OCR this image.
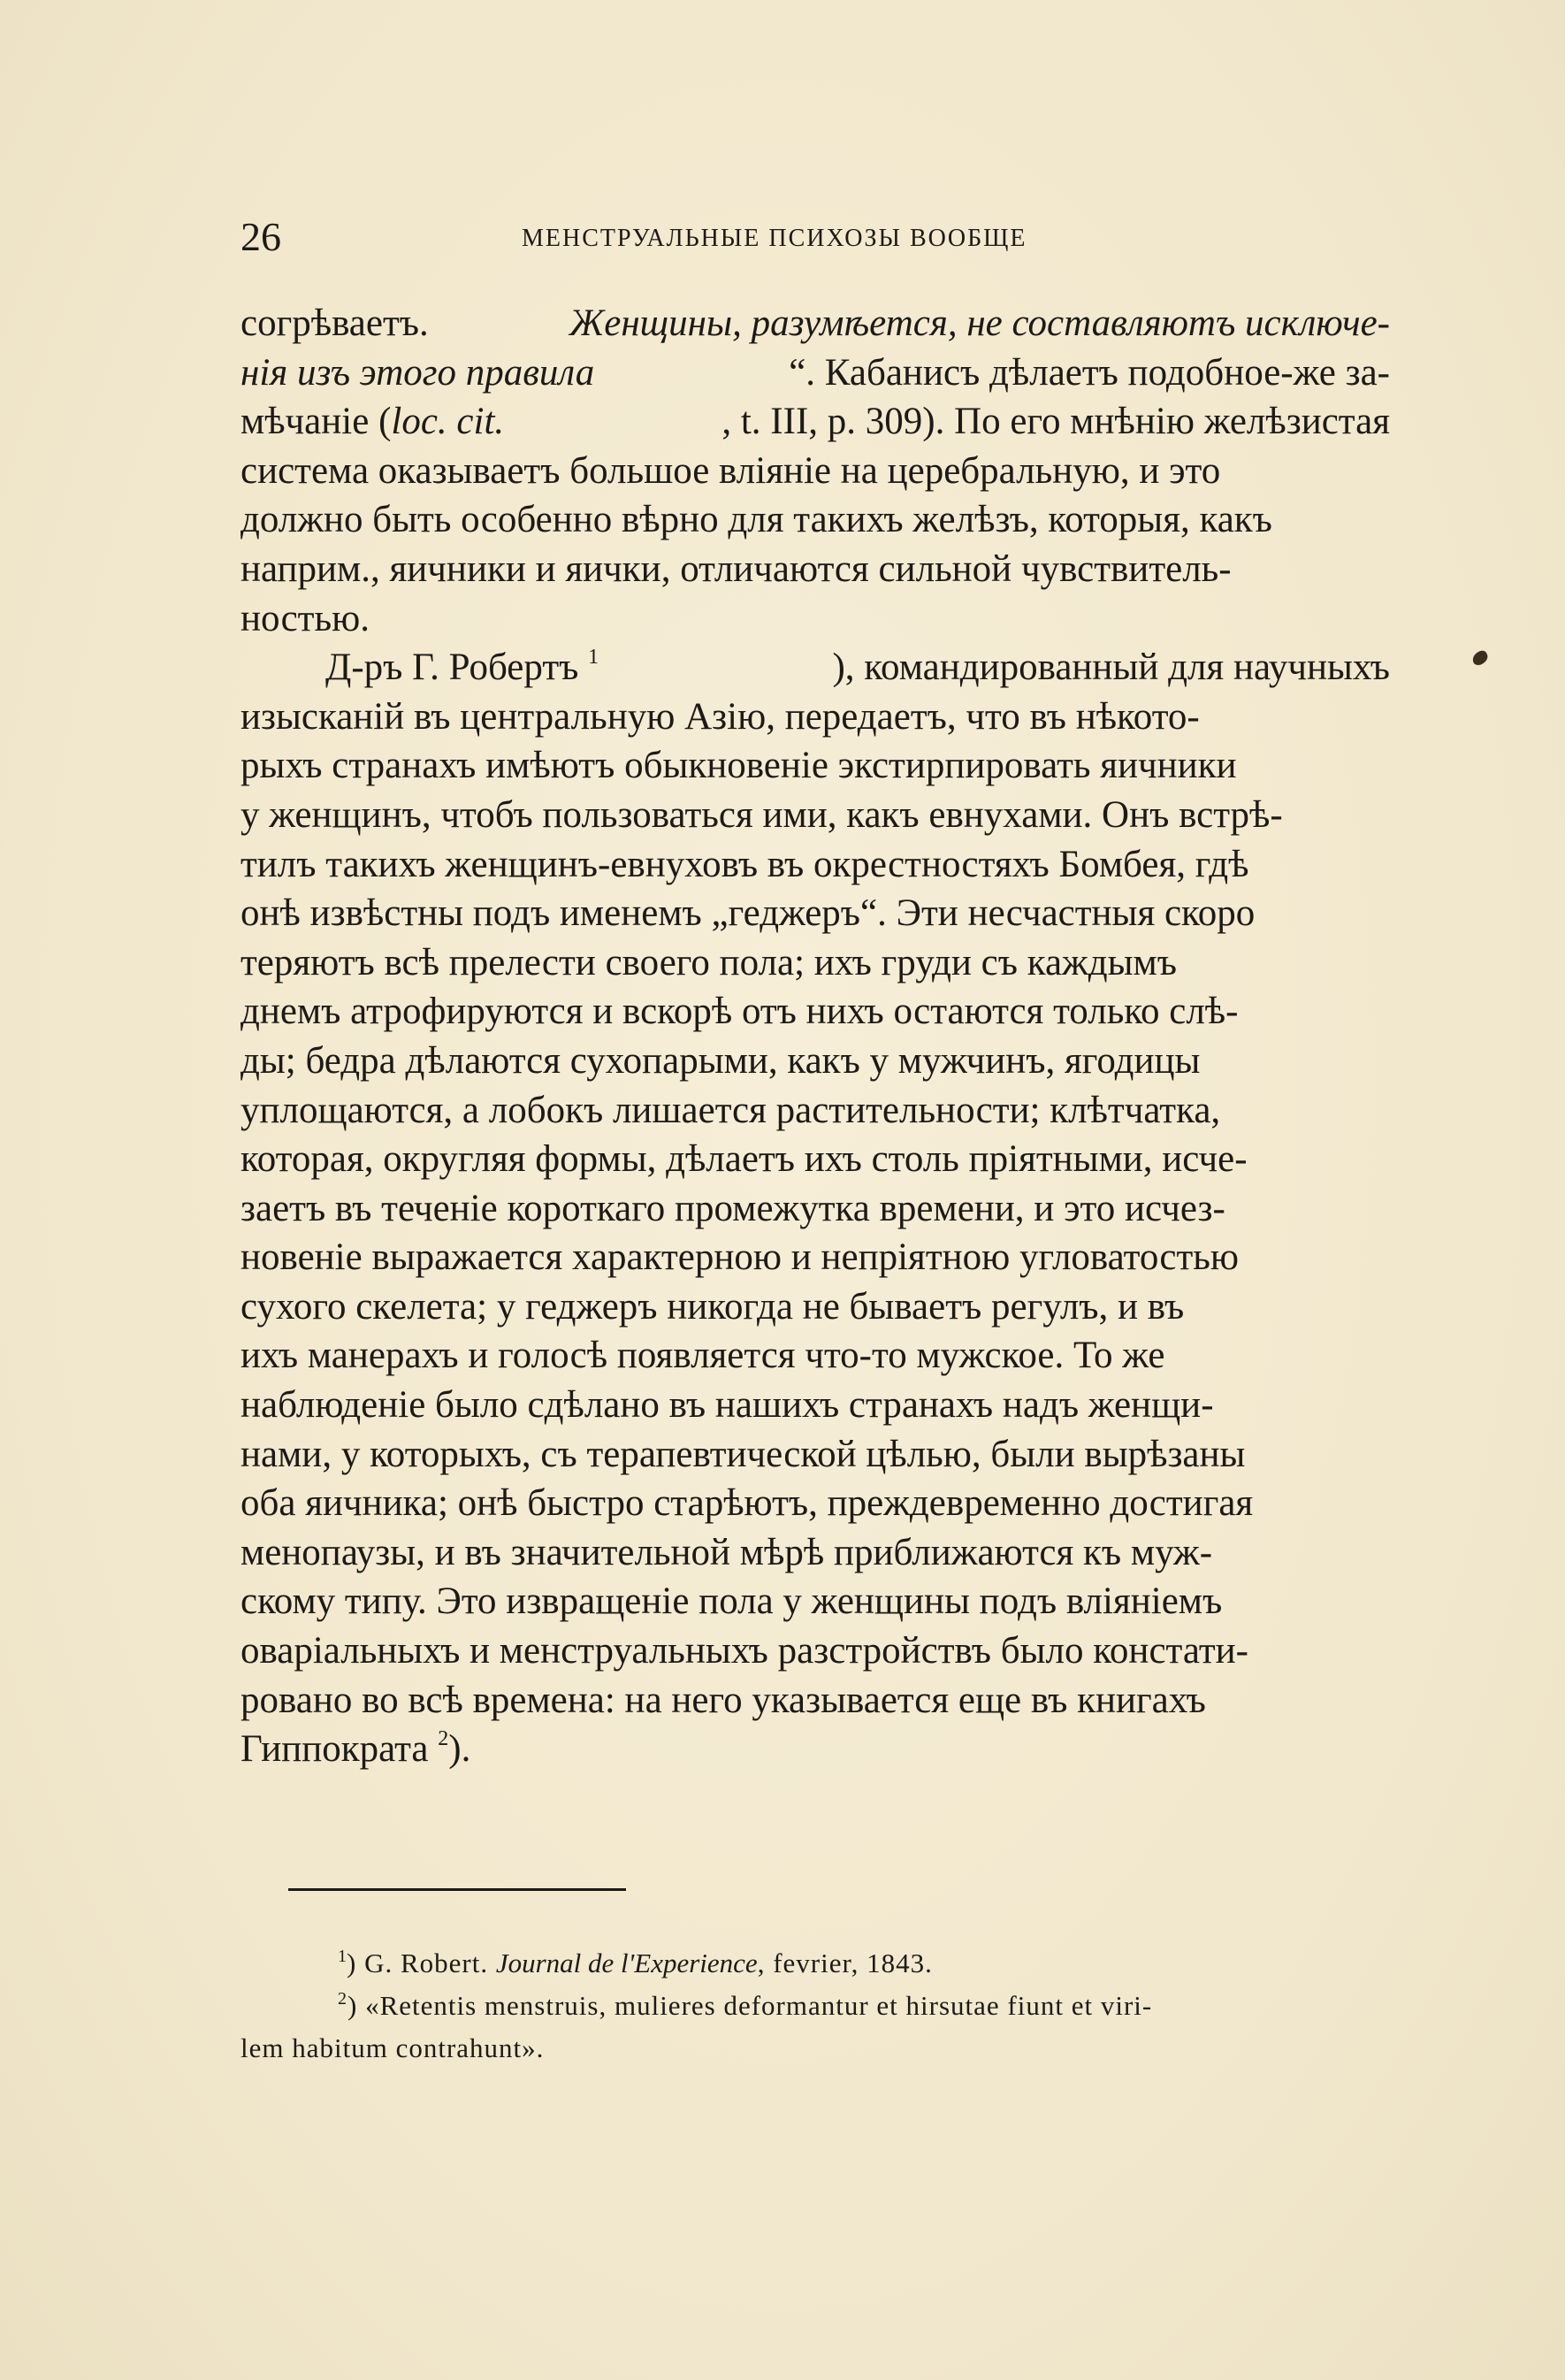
26	МЕНСТРУАЛЬНЫЕ ПСИХОЗЫ ВООБЩЕ
согрѣваетъ.	Женщины, разумѣется, не составляютъ исключе-
нія изъ этого правила	“. Кабанисъ дѣлаетъ подобное-же за-
мѣчаніе (loc. cit.	, t. III, p. 309). По его мнѣнію желѣзистая
система оказываетъ большое вліяніе на церебральную, и это
должно быть особенно вѣрно для такихъ желѣзъ, которыя, какъ
наприм., яичники и яички, отличаются сильной чувствитель-
ностью.
Д-ръ Г. Робертъ $^1$	), командированный для научныхъ
изысканій въ центральную Азію, передаетъ, что въ нѣкото-
рыхъ странахъ имѣютъ обыкновеніе экстирпировать яичники
у женщинъ, чтобъ пользоваться ими, какъ евнухами. Онъ встрѣ-
тилъ такихъ женщинъ-евнуховъ въ окрестностяхъ Бомбея, гдѣ
онѣ извѣстны подъ именемъ „геджеръ“. Эти несчастныя скоро
теряютъ всѣ прелести своего пола; ихъ груди съ каждымъ
днемъ атрофируются и вскорѣ отъ нихъ остаются только слѣ-
ды; бедра дѣлаются сухопарыми, какъ у мужчинъ, ягодицы
уплощаются, а лобокъ лишается растительности; клѣтчатка,
которая, округляя формы, дѣлаетъ ихъ столь пріятными, исче-
заетъ въ теченіе короткаго промежутка времени, и это исчез-
новеніе выражается характерною и непріятною угловатостью
сухого скелета; у геджеръ никогда не бываетъ регулъ, и въ
ихъ манерахъ и голосѣ появляется что-то мужское. То же
наблюденіе было сдѣлано въ нашихъ странахъ надъ женщи-
нами, у которыхъ, съ терапевтической цѣлью, были вырѣзаны
оба яичника; онѣ быстро старѣютъ, преждевременно достигая
менопаузы, и въ значительной мѣрѣ приближаются къ муж-
скому типу. Это извращеніе пола у женщины подъ вліяніемъ
оваріальныхъ и менструальныхъ разстройствъ было констати-
ровано во всѣ времена: на него указывается еще въ книгахъ
Гиппократа $^2$).
$^1$) G. Robert. Journal de l'Experience, fevrier, 1843.
$^2$) «Retentis menstruis, mulieres deformantur et hirsutae fiunt et viri-
lem habitum contrahunt».
